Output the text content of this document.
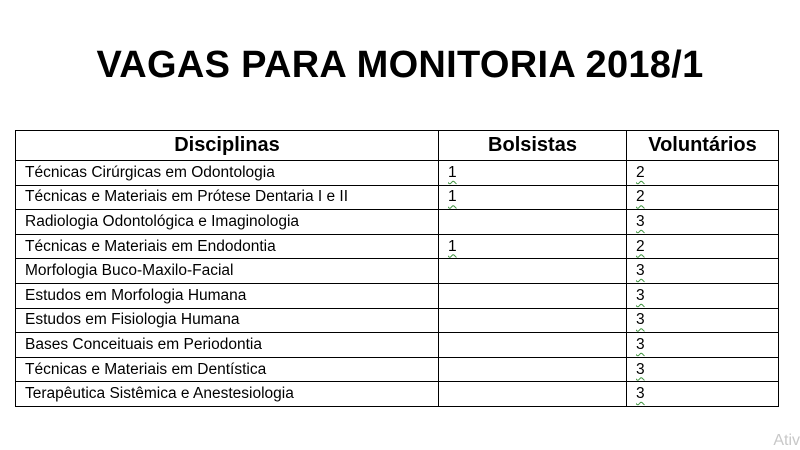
VAGAS PARA MONITORIA 2018/1
Disciplinas	Bolsistas	Voluntários
Técnicas Cirúrgicas em Odontologia	1	2
Técnicas e Materiais em Prótese Dentaria I e II	1	2
Radiologia Odontológica e Imaginologia		3
Técnicas e Materiais em Endodontia	1	2
Morfologia Buco-Maxilo-Facial		3
Estudos em Morfologia Humana		3
Estudos em Fisiologia Humana		3
Bases Conceituais em Periodontia		3
Técnicas e Materiais em Dentística		3
Terapêutica Sistêmica e Anestesiologia		3
Ativ
